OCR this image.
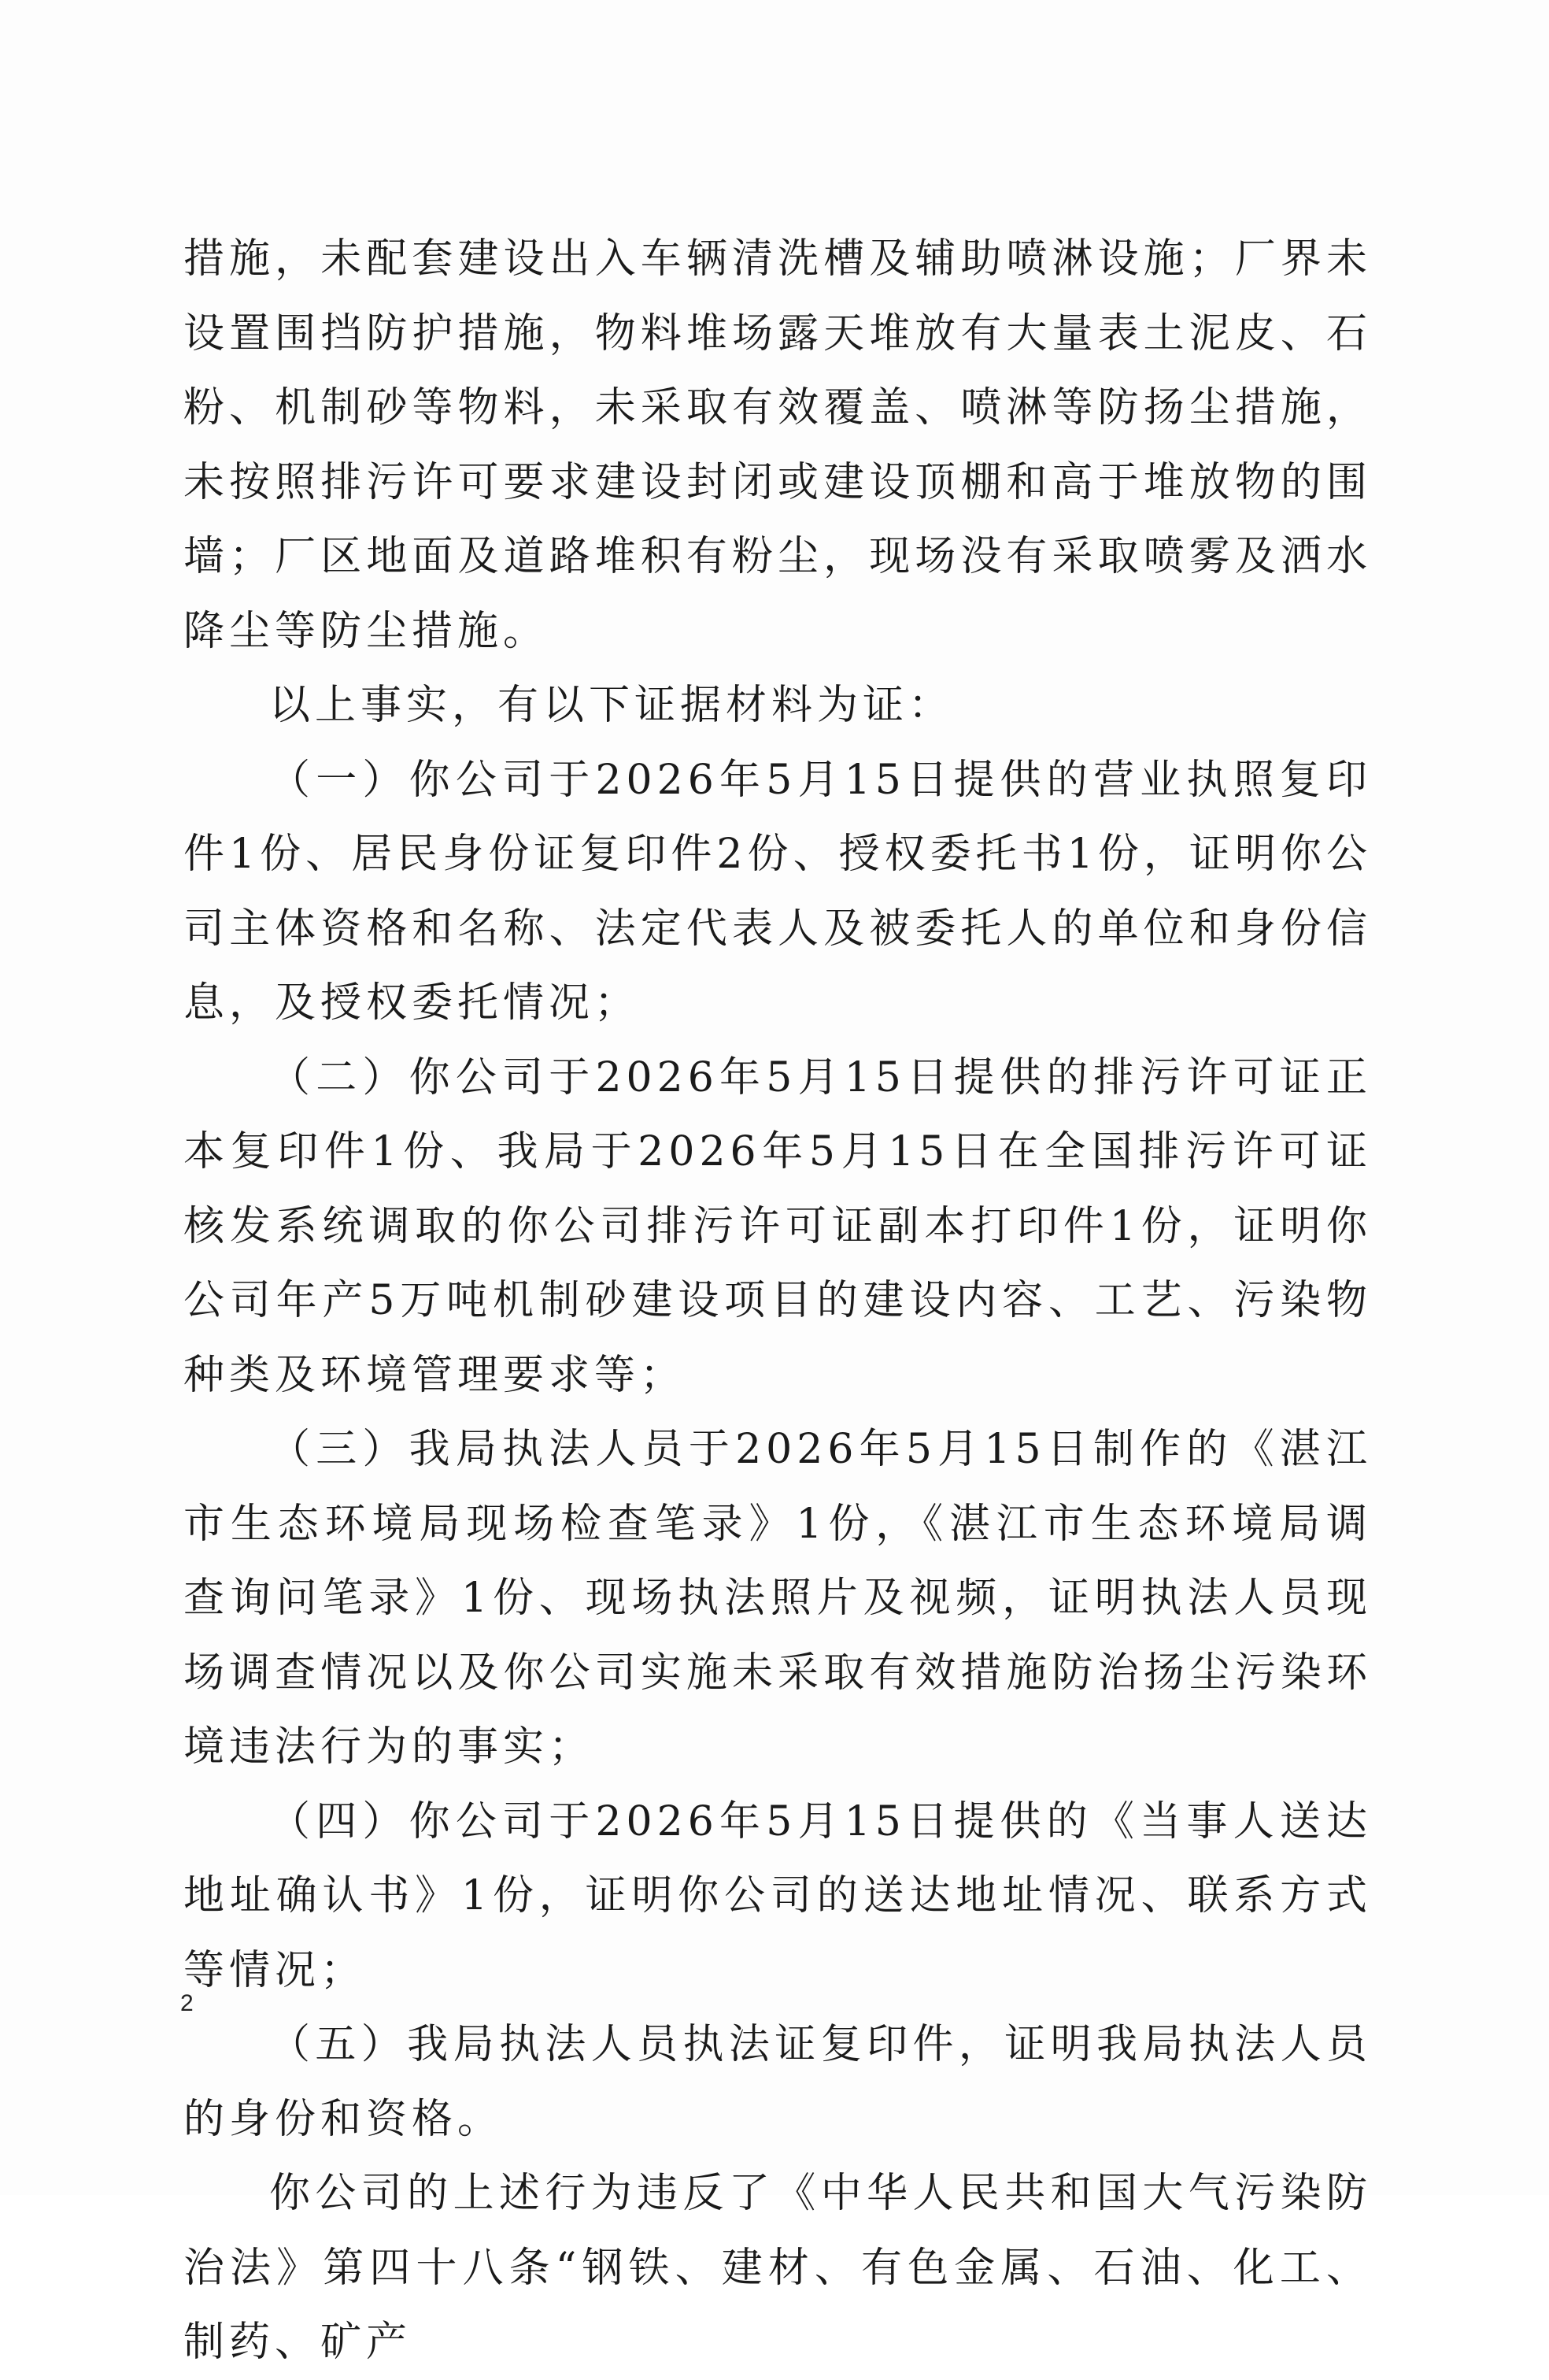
措施，未配套建设出入车辆清洗槽及辅助喷淋设施；厂界未设置围挡防护措施，物料堆场露天堆放有大量表土泥皮、石粉、机制砂等物料，未采取有效覆盖、喷淋等防扬尘措施，未按照排污许可要求建设封闭或建设顶棚和高于堆放物的围墙；厂区地面及道路堆积有粉尘，现场没有采取喷雾及洒水降尘等防尘措施。

以上事实，有以下证据材料为证：

（一）你公司于2026年5月15日提供的营业执照复印件1份、居民身份证复印件2份、授权委托书1份，证明你公司主体资格和名称、法定代表人及被委托人的单位和身份信息，及授权委托情况；

（二）你公司于2026年5月15日提供的排污许可证正本复印件1份、我局于2026年5月15日在全国排污许可证核发系统调取的你公司排污许可证副本打印件1份，证明你公司年产5万吨机制砂建设项目的建设内容、工艺、污染物种类及环境管理要求等；

（三）我局执法人员于2026年5月15日制作的《湛江市生态环境局现场检查笔录》1份，《湛江市生态环境局调查询问笔录》1份、现场执法照片及视频，证明执法人员现场调查情况以及你公司实施未采取有效措施防治扬尘污染环境违法行为的事实；

（四）你公司于2026年5月15日提供的《当事人送达地址确认书》1份，证明你公司的送达地址情况、联系方式等情况；

（五）我局执法人员执法证复印件，证明我局执法人员的身份和资格。

你公司的上述行为违反了《中华人民共和国大气污染防治法》第四十八条“钢铁、建材、有色金属、石油、化工、制药、矿产

2
